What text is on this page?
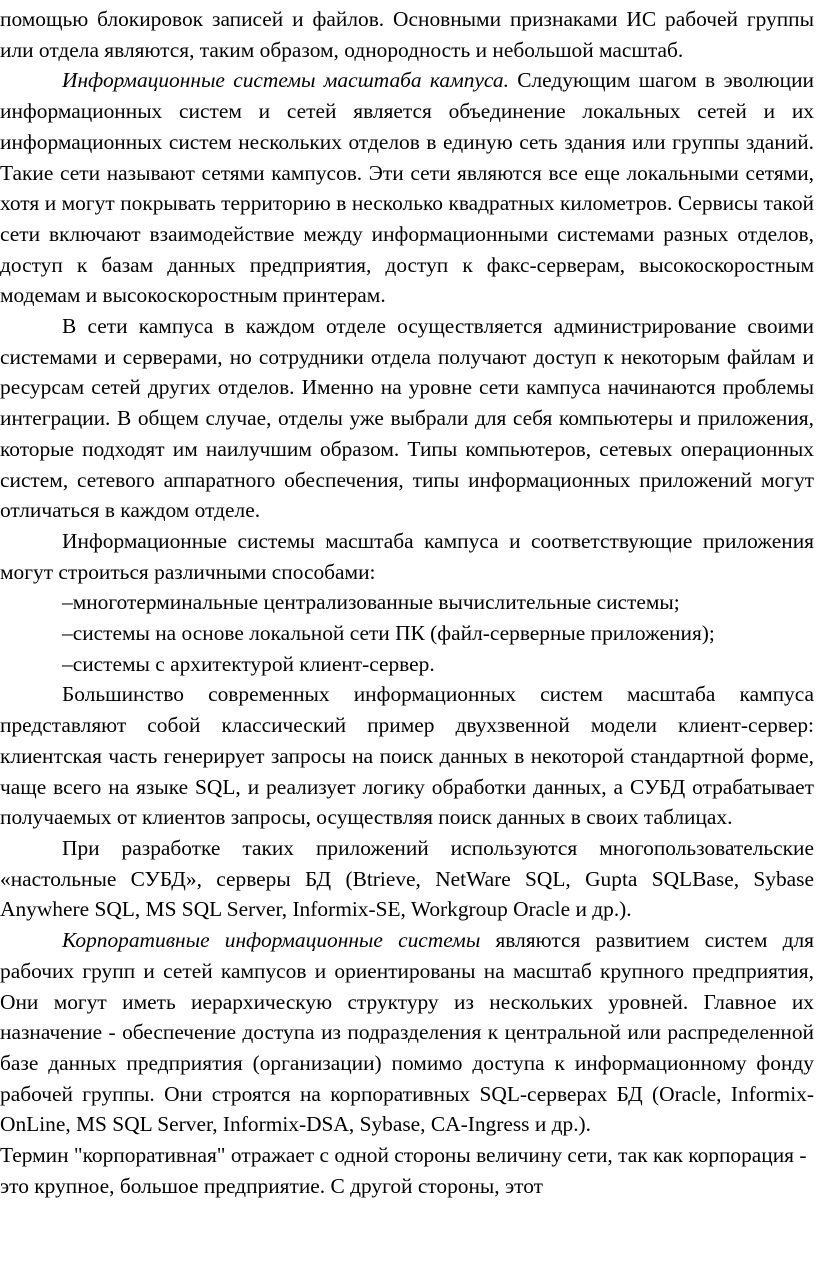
помощью блокировок записей и файлов. Основными признаками ИС рабочей группы или отдела являются, таким образом, однородность и небольшой масштаб.

Информационные системы масштаба кампуса. Следующим шагом в эволюции информационных систем и сетей является объединение локальных сетей и их информационных систем нескольких отделов в единую сеть здания или группы зданий. Такие сети называют сетями кампусов. Эти сети являются все еще локальными сетями, хотя и могут покрывать территорию в несколько квадратных километров. Сервисы такой сети включают взаимодействие между информационными системами разных отделов, доступ к базам данных предприятия, доступ к факс-серверам, высокоскоростным модемам и высокоскоростным принтерам.

В сети кампуса в каждом отделе осуществляется администрирование своими системами и серверами, но сотрудники отдела получают доступ к некоторым файлам и ресурсам сетей других отделов. Именно на уровне сети кампуса начинаются проблемы интеграции. В общем случае, отделы уже выбрали для себя компьютеры и приложения, которые подходят им наилучшим образом. Типы компьютеров, сетевых операционных систем, сетевого аппаратного обеспечения, типы информационных приложений могут отличаться в каждом отделе.

Информационные системы масштаба кампуса и соответствующие приложения могут строиться различными способами:

–многотерминальные централизованные вычислительные системы;

–системы на основе локальной сети ПК (файл-серверные приложения);

–системы с архитектурой клиент-сервер.

Большинство современных информационных систем масштаба кампуса представляют собой классический пример двухзвенной модели клиент-сервер: клиентская часть генерирует запросы на поиск данных в некоторой стандартной форме, чаще всего на языке SQL, и реализует логику обработки данных, а СУБД отрабатывает получаемых от клиентов запросы, осуществляя поиск данных в своих таблицах.

При разработке таких приложений используются многопользовательские «настольные СУБД», серверы БД (Btrieve, NetWare SQL, Gupta SQLBase, Sybase Anywhere SQL, MS SQL Server, Informix-SE, Workgroup Oracle и др.).

Корпоративные информационные системы являются развитием систем для рабочих групп и сетей кампусов и ориентированы на масштаб крупного предприятия, Они могут иметь иерархическую структуру из нескольких уровней. Главное их назначение - обеспечение доступа из подразделения к центральной или распределенной базе данных предприятия (организации) помимо доступа к информационному фонду рабочей группы. Они строятся на корпоративных SQL-серверах БД (Oracle, Informix-OnLine, MS SQL Server, Informix-DSA, Sybase, CA-Ingress и др.).

Термин "корпоративная" отражает с одной стороны величину сети, так как корпорация - это крупное, большое предприятие. С другой стороны, этот
